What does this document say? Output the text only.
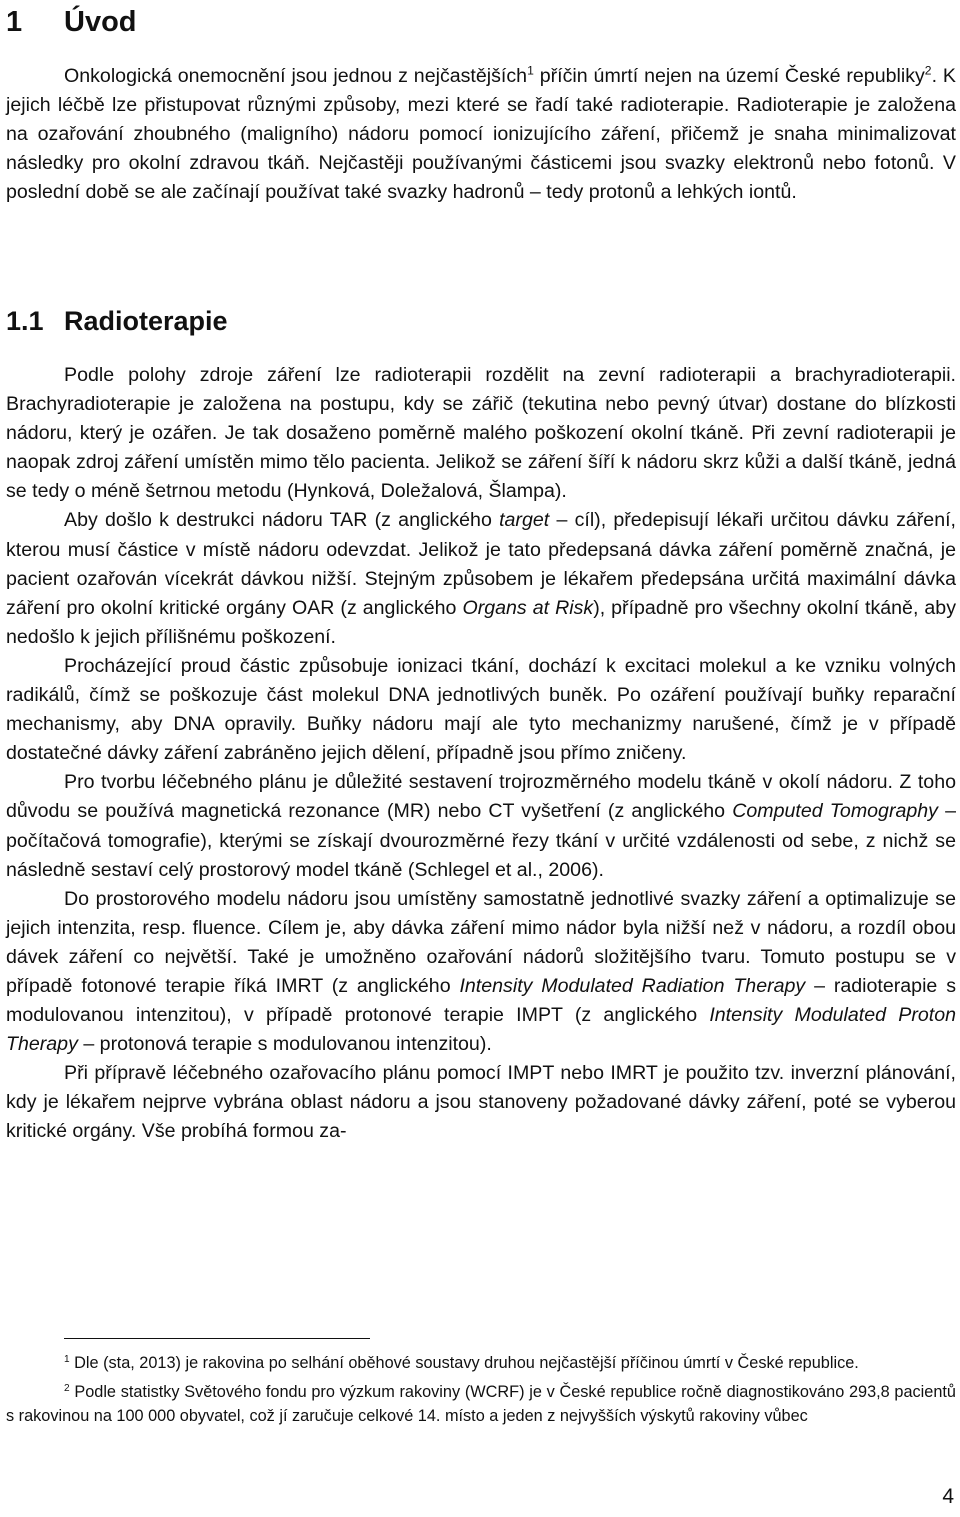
1 Úvod

Onkologická onemocnění jsou jednou z nejčastějších$^1$ příčin úmrtí nejen na území České republiky$^2$. K jejich léčbě lze přistupovat různými způsoby, mezi které se řadí také radioterapie. Radioterapie je založena na ozařování zhoubného (maligního) nádoru pomocí ionizujícího záření, přičemž je snaha minimalizovat následky pro okolní zdravou tkáň. Nejčastěji používanými částicemi jsou svazky elektronů nebo fotonů. V poslední době se ale začínají používat také svazky hadronů – tedy protonů a lehkých iontů.

1.1 Radioterapie

Podle polohy zdroje záření lze radioterapii rozdělit na zevní radioterapii a brachyradioterapii. Brachyradioterapie je založena na postupu, kdy se zářič (tekutina nebo pevný útvar) dostane do blízkosti nádoru, který je ozářen. Je tak dosaženo poměrně malého poškození okolní tkáně. Při zevní radioterapii je naopak zdroj záření umístěn mimo tělo pacienta. Jelikož se záření šíří k nádoru skrz kůži a další tkáně, jedná se tedy o méně šetrnou metodu (Hynková, Doležalová, Šlampa).

Aby došlo k destrukci nádoru TAR (z anglického target – cíl), předepisují lékaři určitou dávku záření, kterou musí částice v místě nádoru odevzdat. Jelikož je tato předepsaná dávka záření poměrně značná, je pacient ozařován vícekrát dávkou nižší. Stejným způsobem je lékařem předepsána určitá maximální dávka záření pro okolní kritické orgány OAR (z anglického Organs at Risk), případně pro všechny okolní tkáně, aby nedošlo k jejich přílišnému poškození.

Procházející proud částic způsobuje ionizaci tkání, dochází k excitaci molekul a ke vzniku volných radikálů, čímž se poškozuje část molekul DNA jednotlivých buněk. Po ozáření používají buňky reparační mechanismy, aby DNA opravily. Buňky nádoru mají ale tyto mechanizmy narušené, čímž je v případě dostatečné dávky záření zabráněno jejich dělení, případně jsou přímo zničeny.

Pro tvorbu léčebného plánu je důležité sestavení trojrozměrného modelu tkáně v okolí nádoru. Z toho důvodu se používá magnetická rezonance (MR) nebo CT vyšetření (z anglického Computed Tomography – počítačová tomografie), kterými se získají dvourozměrné řezy tkání v určité vzdálenosti od sebe, z nichž se následně sestaví celý prostorový model tkáně (Schlegel et al., 2006).

Do prostorového modelu nádoru jsou umístěny samostatně jednotlivé svazky záření a optimalizuje se jejich intenzita, resp. fluence. Cílem je, aby dávka záření mimo nádor byla nižší než v nádoru, a rozdíl obou dávek záření co největší. Také je umožněno ozařování nádorů složitějšího tvaru. Tomuto postupu se v případě fotonové terapie říká IMRT (z anglického Intensity Modulated Radiation Therapy – radioterapie s modulovanou intenzitou), v případě protonové terapie IMPT (z anglického Intensity Modulated Proton Therapy – protonová terapie s modulovanou intenzitou).

Při přípravě léčebného ozařovacího plánu pomocí IMPT nebo IMRT je použito tzv. inverzní plánování, kdy je lékařem nejprve vybrána oblast nádoru a jsou stanoveny požadované dávky záření, poté se vyberou kritické orgány. Vše probíhá formou za-

$^1$ Dle (sta, 2013) je rakovina po selhání oběhové soustavy druhou nejčastější příčinou úmrtí v České republice.

$^2$ Podle statistky Světového fondu pro výzkum rakoviny (WCRF) je v České republice ročně diagnostikováno 293,8 pacientů s rakovinou na 100 000 obyvatel, což jí zaručuje celkové 14. místo a jeden z nejvyšších výskytů rakoviny vůbec

4
